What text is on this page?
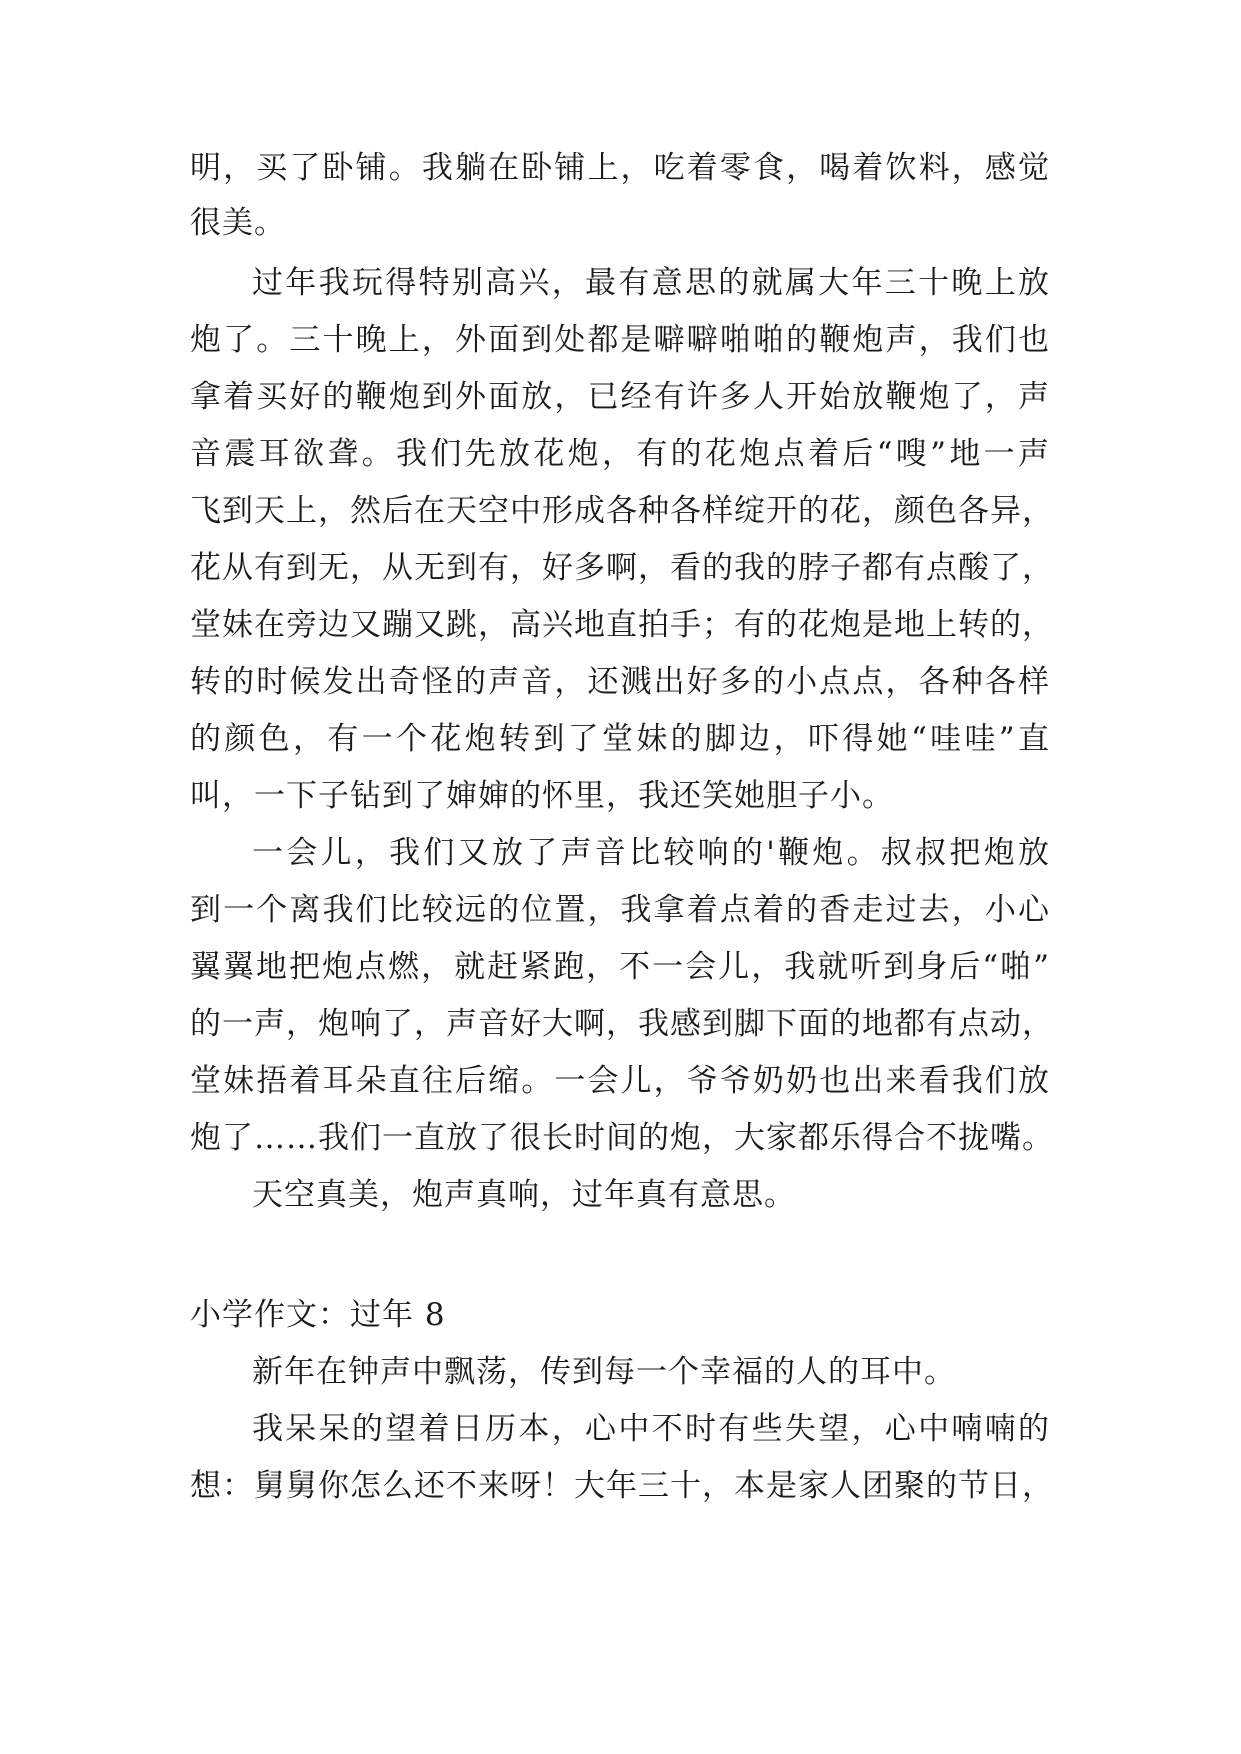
明，买了卧铺。我躺在卧铺上，吃着零食，喝着饮料，感觉
很美。
过年我玩得特别高兴，最有意思的就属大年三十晚上放
炮了。三十晚上，外面到处都是噼噼啪啪的鞭炮声，我们也
拿着买好的鞭炮到外面放，已经有许多人开始放鞭炮了，声
音震耳欲聋。我们先放花炮，有的花炮点着后“嗖”地一声
飞到天上，然后在天空中形成各种各样绽开的花，颜色各异，
花从有到无，从无到有，好多啊，看的我的脖子都有点酸了，
堂妹在旁边又蹦又跳，高兴地直拍手；有的花炮是地上转的，
转的时候发出奇怪的声音，还溅出好多的小点点，各种各样
的颜色，有一个花炮转到了堂妹的脚边，吓得她“哇哇”直
叫，一下子钻到了婶婶的怀里，我还笑她胆子小。
一会儿，我们又放了声音比较响的'鞭炮。叔叔把炮放
到一个离我们比较远的位置，我拿着点着的香走过去，小心
翼翼地把炮点燃，就赶紧跑，不一会儿，我就听到身后“啪”
的一声，炮响了，声音好大啊，我感到脚下面的地都有点动，
堂妹捂着耳朵直往后缩。一会儿，爷爷奶奶也出来看我们放
炮了……我们一直放了很长时间的炮，大家都乐得合不拢嘴。
天空真美，炮声真响，过年真有意思。
小学作文：过年 8
新年在钟声中飘荡，传到每一个幸福的人的耳中。
我呆呆的望着日历本，心中不时有些失望，心中喃喃的
想：舅舅你怎么还不来呀！大年三十，本是家人团聚的节日，
